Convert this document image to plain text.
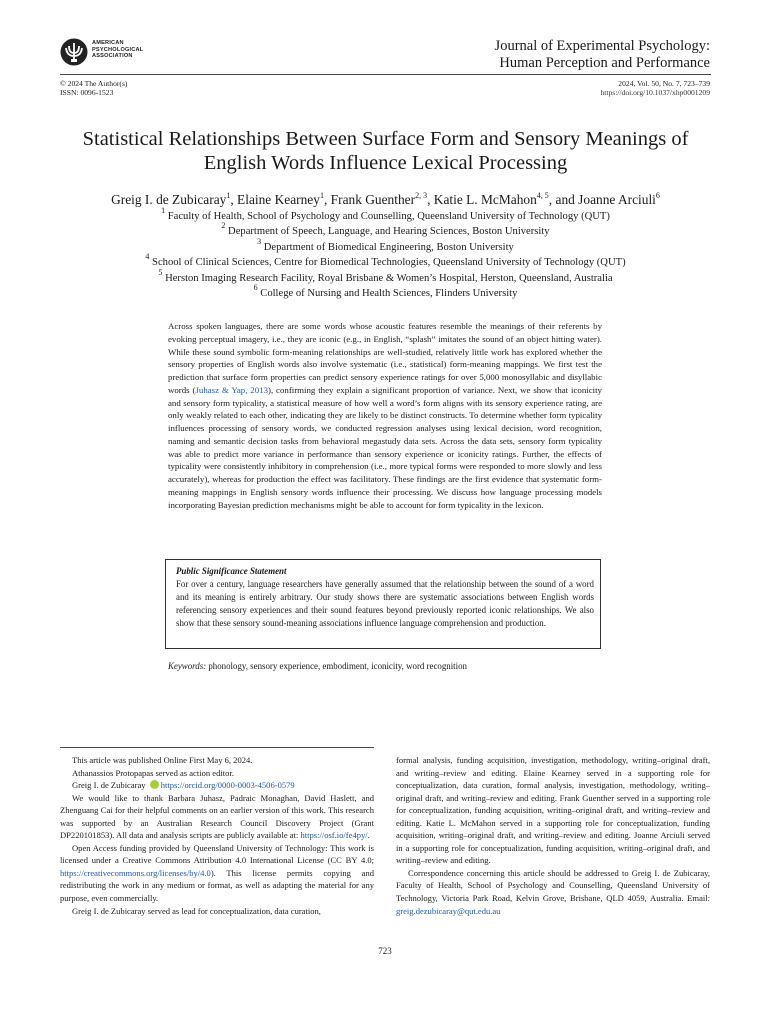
AMERICAN
PSYCHOLOGICAL
ASSOCIATION
Journal of Experimental Psychology:
Human Perception and Performance
© 2024 The Author(s)
ISSN: 0096-1523
2024, Vol. 50, No. 7, 723–739
https://doi.org/10.1037/xhp0001209
Statistical Relationships Between Surface Form and Sensory Meanings of
English Words Influence Lexical Processing
Greig I. de Zubicaray$^1$, Elaine Kearney$^1$, Frank Guenther$^{2, 3}$, Katie L. McMahon$^{4, 5}$, and Joanne Arciuli$^6$
$^1$ Faculty of Health, School of Psychology and Counselling, Queensland University of Technology (QUT)
$^2$ Department of Speech, Language, and Hearing Sciences, Boston University
$^3$ Department of Biomedical Engineering, Boston University
$^4$ School of Clinical Sciences, Centre for Biomedical Technologies, Queensland University of Technology (QUT)
$^5$ Herston Imaging Research Facility, Royal Brisbane & Women’s Hospital, Herston, Queensland, Australia
$^6$ College of Nursing and Health Sciences, Flinders University
Across spoken languages, there are some words whose acoustic features resemble the meanings of their referents by evoking perceptual imagery, i.e., they are iconic (e.g., in English, “splash” imitates the sound of an object hitting water). While these sound symbolic form-meaning relationships are well-studied, relatively little work has explored whether the sensory properties of English words also involve systematic (i.e., statistical) form-meaning mappings. We first test the prediction that surface form properties can predict sensory experience ratings for over 5,000 monosyllabic and disyllabic words (Juhasz & Yap, 2013), confirming they explain a significant proportion of variance. Next, we show that iconicity and sensory form typicality, a statistical measure of how well a word’s form aligns with its sensory experience rating, are only weakly related to each other, indicating they are likely to be distinct constructs. To determine whether form typicality influences processing of sensory words, we conducted regression analyses using lexical decision, word recognition, naming and semantic decision tasks from behavioral megastudy data sets. Across the data sets, sensory form typicality was able to predict more variance in performance than sensory experience or iconicity ratings. Further, the effects of typicality were consistently inhibitory in comprehension (i.e., more typical forms were responded to more slowly and less accurately), whereas for production the effect was facilitatory. These findings are the first evidence that systematic form-meaning mappings in English sensory words influence their processing. We discuss how language processing models incorporating Bayesian prediction mechanisms might be able to account for form typicality in the lexicon.
Public Significance Statement
For over a century, language researchers have generally assumed that the relationship between the sound of a word and its meaning is entirely arbitrary. Our study shows there are systematic associations between English words referencing sensory experiences and their sound features beyond previously reported iconic relationships. We also show that these sensory sound-meaning associations influence language comprehension and production.
Keywords: phonology, sensory experience, embodiment, iconicity, word recognition

This article was published Online First May 6, 2024.

Athanassios Protopapas served as action editor.

Greig I. de Zubicaray https://orcid.org/0000-0003-4506-0579

We would like to thank Barbara Juhasz, Padraic Monaghan, David Haslett, and Zhenguang Cai for their helpful comments on an earlier version of this work. This research was supported by an Australian Research Council Discovery Project (Grant DP220101853). All data and analysis scripts are publicly available at: https://osf.io/fe4py/.

Open Access funding provided by Queensland University of Technology: This work is licensed under a Creative Commons Attribution 4.0 International License (CC BY 4.0; https://creativecommons.org/licenses/by/4.0). This license permits copying and redistributing the work in any medium or format, as well as adapting the material for any purpose, even commercially.

Greig I. de Zubicaray served as lead for conceptualization, data curation,

formal analysis, funding acquisition, investigation, methodology, writing–original draft, and writing–review and editing. Elaine Kearney served in a supporting role for conceptualization, data curation, formal analysis, investigation, methodology, writing–original draft, and writing–review and editing. Frank Guenther served in a supporting role for conceptualization, funding acquisition, writing–original draft, and writing–review and editing. Katie L. McMahon served in a supporting role for conceptualization, funding acquisition, writing–original draft, and writing–review and editing. Joanne Arciuli served in a supporting role for conceptualization, funding acquisition, writing–original draft, and writing–review and editing.

Correspondence concerning this article should be addressed to Greig I. de Zubicaray, Faculty of Health, School of Psychology and Counselling, Queensland University of Technology, Victoria Park Road, Kelvin Grove, Brisbane, QLD 4059, Australia. Email: greig.dezubicaray@qut.edu.au

723
